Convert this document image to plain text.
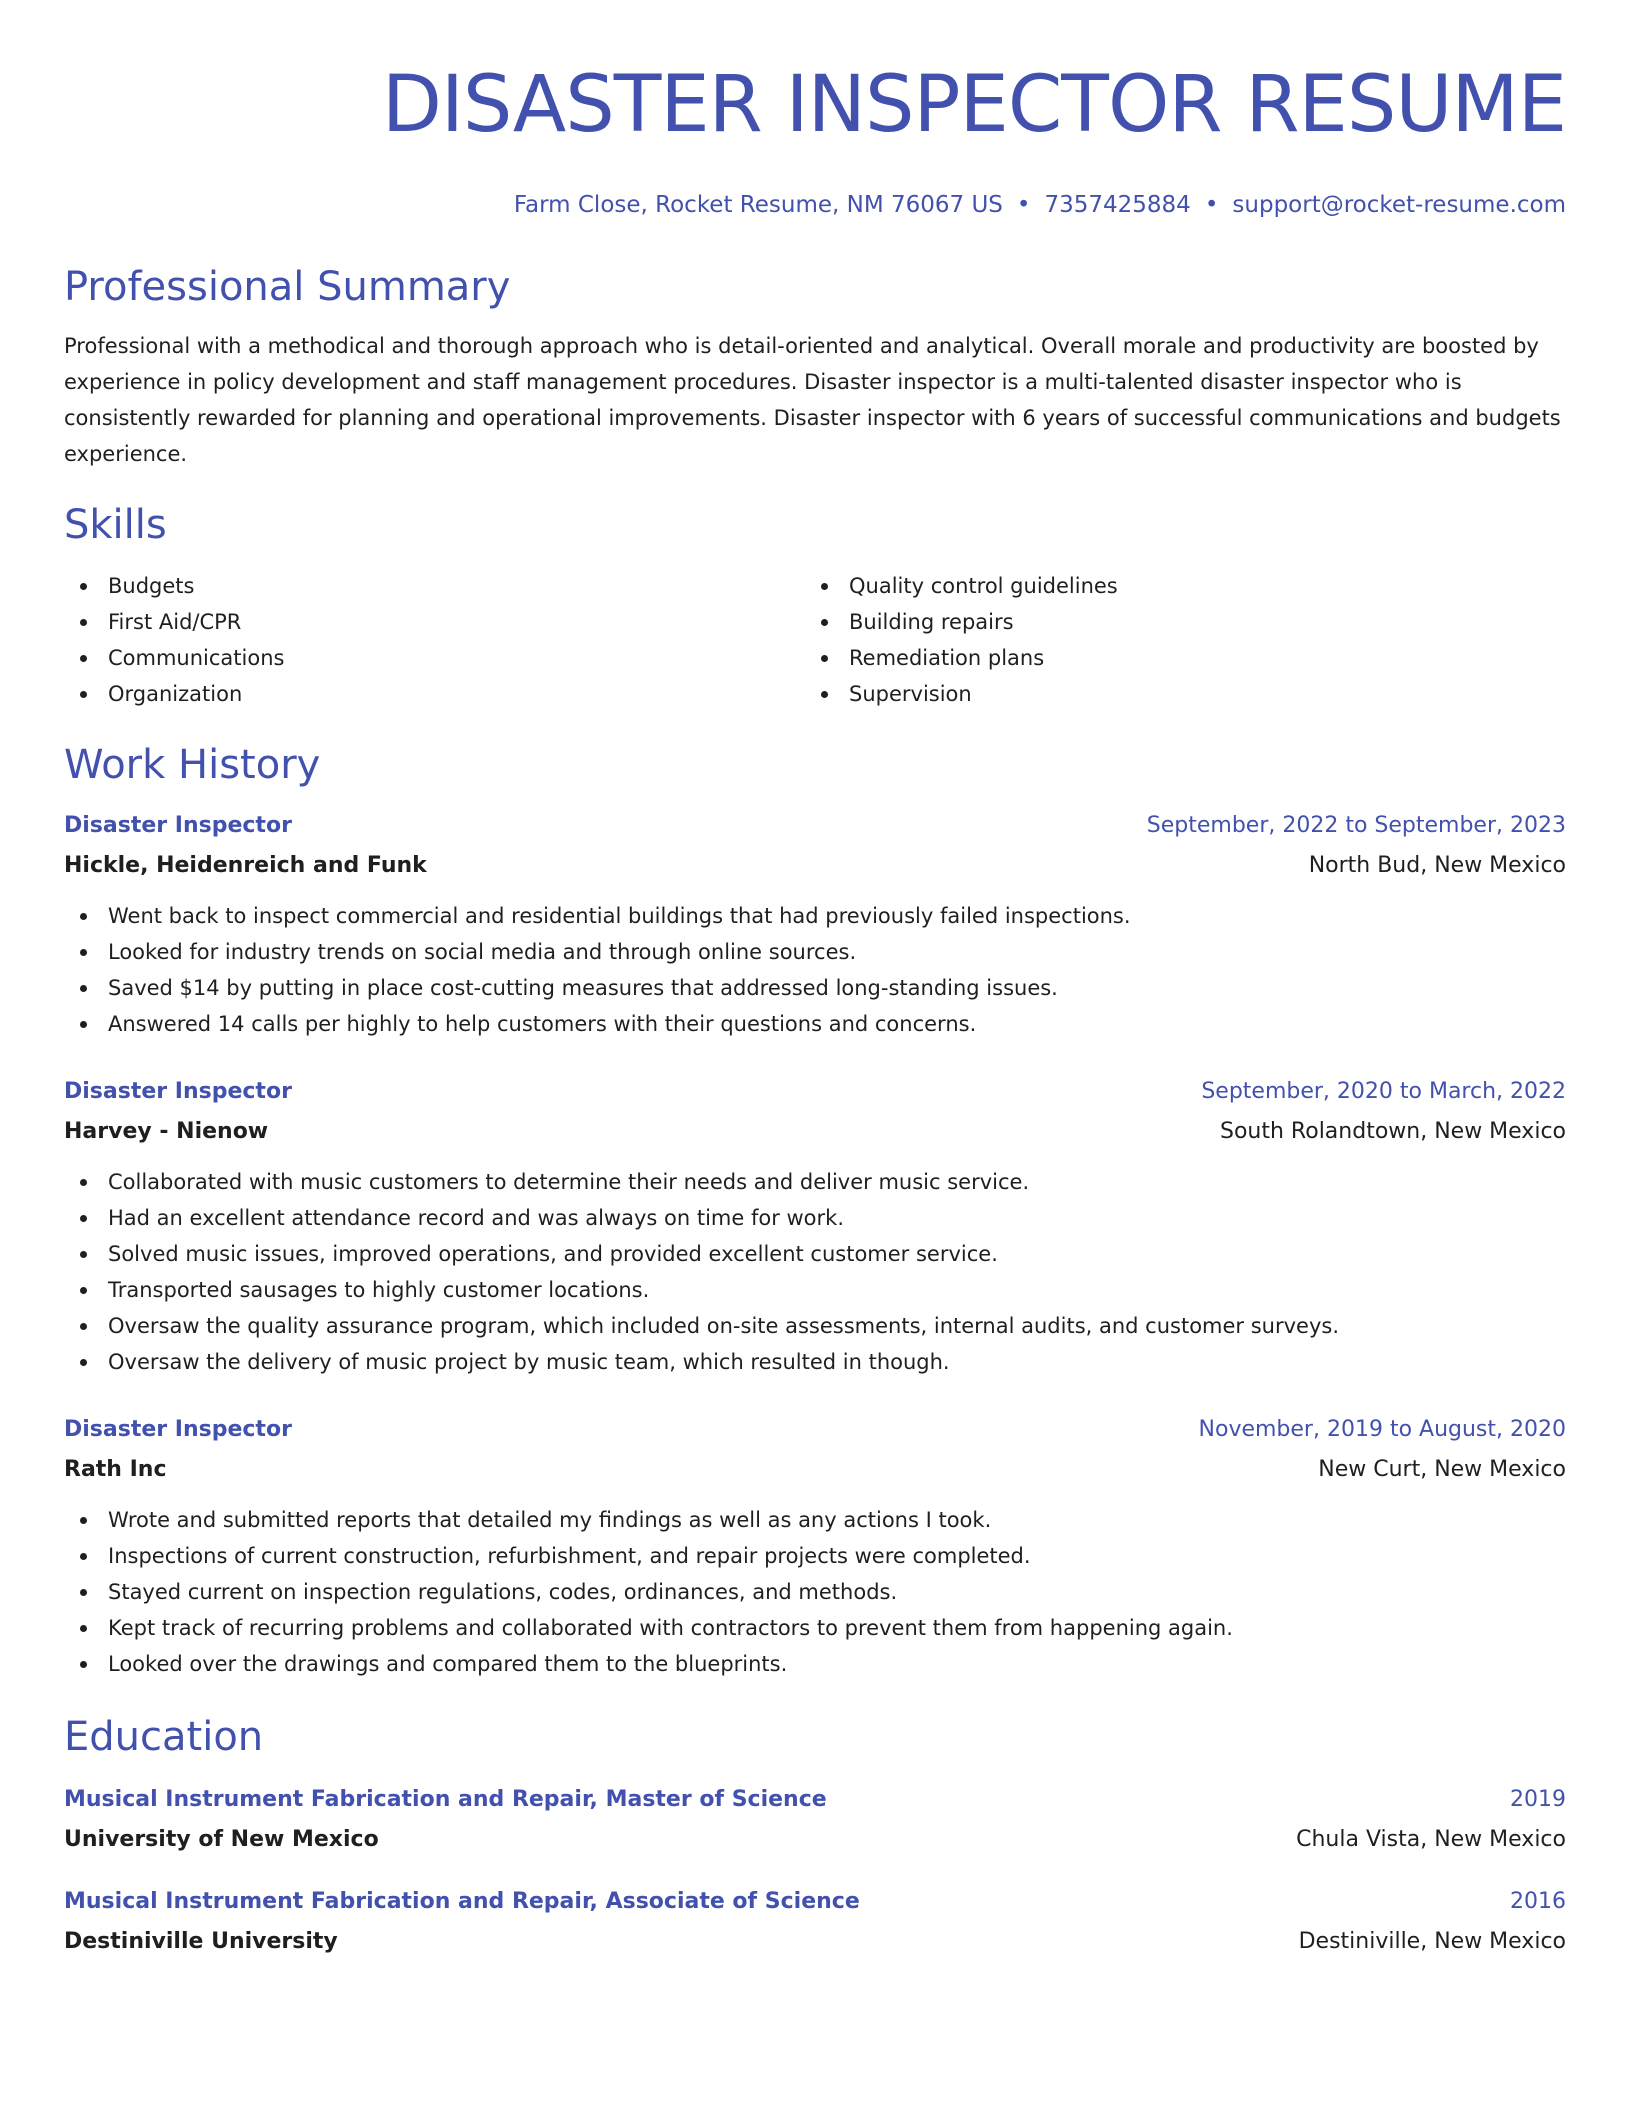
DISASTER INSPECTOR RESUME
Farm Close, Rocket Resume, NM 76067 US • 7357425884 • support@rocket-resume.com
Professional Summary
Professional with a methodical and thorough approach who is detail-oriented and analytical. Overall morale and productivity are boosted by experience in policy development and staff management procedures. Disaster inspector is a multi-talented disaster inspector who is consistently rewarded for planning and operational improvements. Disaster inspector with 6 years of successful communications and budgets experience.
Skills
Budgets
First Aid/CPR
Communications
Organization
Quality control guidelines
Building repairs
Remediation plans
Supervision
Work History
Disaster Inspector	September, 2022 to September, 2023
Hickle, Heidenreich and Funk	North Bud, New Mexico
Went back to inspect commercial and residential buildings that had previously failed inspections.
Looked for industry trends on social media and through online sources.
Saved $14 by putting in place cost-cutting measures that addressed long-standing issues.
Answered 14 calls per highly to help customers with their questions and concerns.
Disaster Inspector	September, 2020 to March, 2022
Harvey - Nienow	South Rolandtown, New Mexico
Collaborated with music customers to determine their needs and deliver music service.
Had an excellent attendance record and was always on time for work.
Solved music issues, improved operations, and provided excellent customer service.
Transported sausages to highly customer locations.
Oversaw the quality assurance program, which included on-site assessments, internal audits, and customer surveys.
Oversaw the delivery of music project by music team, which resulted in though.
Disaster Inspector	November, 2019 to August, 2020
Rath Inc	New Curt, New Mexico
Wrote and submitted reports that detailed my findings as well as any actions I took.
Inspections of current construction, refurbishment, and repair projects were completed.
Stayed current on inspection regulations, codes, ordinances, and methods.
Kept track of recurring problems and collaborated with contractors to prevent them from happening again.
Looked over the drawings and compared them to the blueprints.
Education
Musical Instrument Fabrication and Repair, Master of Science	2019
University of New Mexico	Chula Vista, New Mexico
Musical Instrument Fabrication and Repair, Associate of Science	2016
Destiniville University	Destiniville, New Mexico
